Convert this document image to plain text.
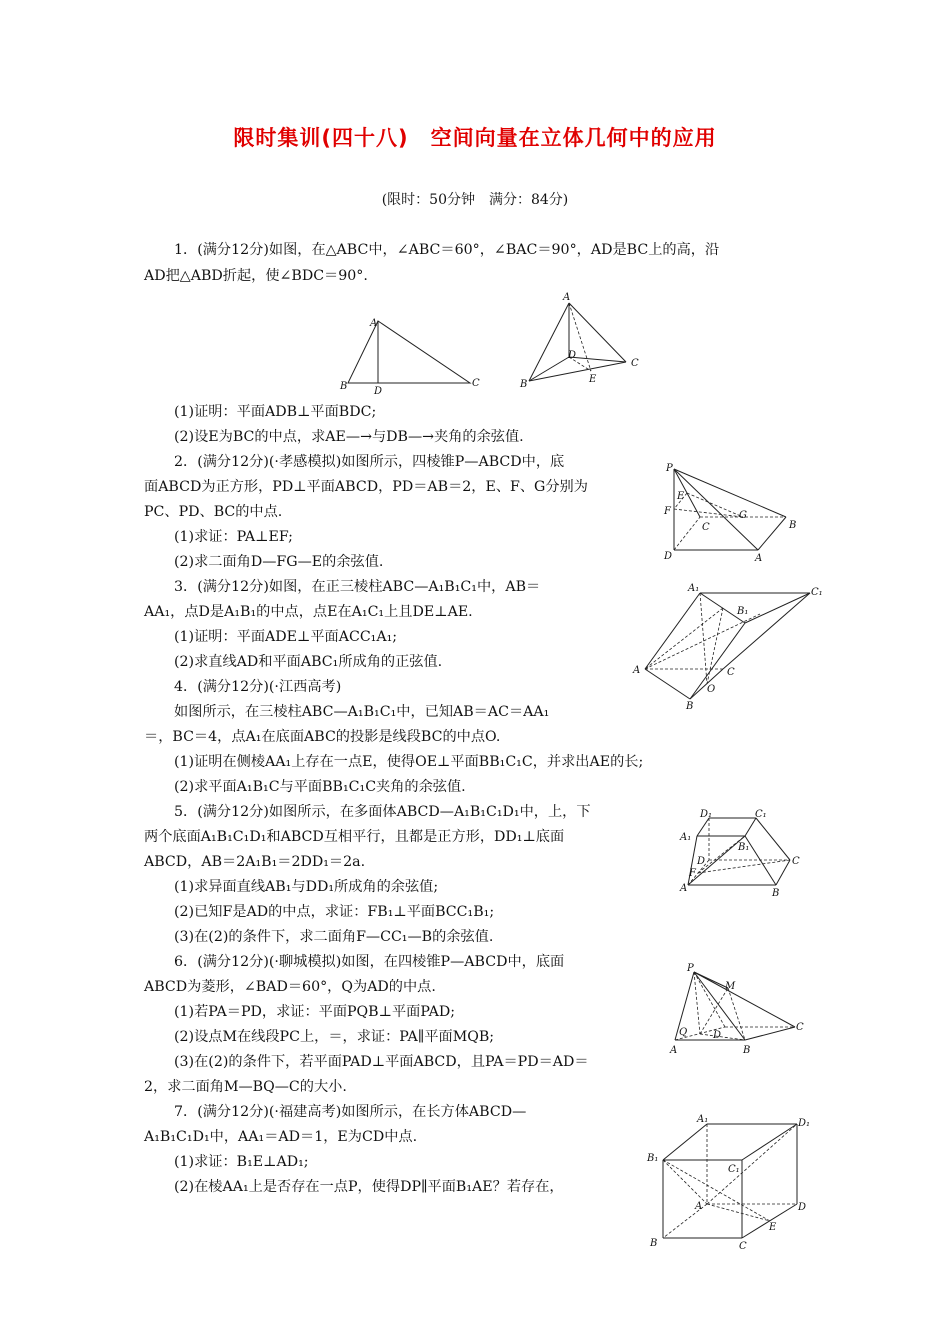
限时集训(四十八)　空间向量在立体几何中的应用
(限时：50分钟　满分：84分)
1．(满分12分)如图，在△ABC中，∠ABC＝60°，∠BAC＝90°，AD是BC上的高，沿
AD把△ABD折起，使∠BDC＝90°.
(1)证明：平面ADB⊥平面BDC;
(2)设E为BC的中点，求AE—→与DB—→夹角的余弦值.
2．(满分12分)(·孝感模拟)如图所示，四棱锥P—ABCD中，底
面ABCD为正方形，PD⊥平面ABCD，PD＝AB＝2，E、F、G分别为
PC、PD、BC的中点.
(1)求证：PA⊥EF;
(2)求二面角D—FG—E的余弦值.
3．(满分12分)如图，在正三棱柱ABC—A₁B₁C₁中，AB＝
AA₁，点D是A₁B₁的中点，点E在A₁C₁上且DE⊥AE.
(1)证明：平面ADE⊥平面ACC₁A₁;
(2)求直线AD和平面ABC₁所成角的正弦值.
4．(满分12分)(·江西高考)
如图所示，在三棱柱ABC—A₁B₁C₁中，已知AB＝AC＝AA₁
＝，BC＝4，点A₁在底面ABC的投影是线段BC的中点O.
(1)证明在侧棱AA₁上存在一点E，使得OE⊥平面BB₁C₁C，并求出AE的长;
(2)求平面A₁B₁C与平面BB₁C₁C夹角的余弦值.
5．(满分12分)如图所示，在多面体ABCD—A₁B₁C₁D₁中，上，下
两个底面A₁B₁C₁D₁和ABCD互相平行，且都是正方形，DD₁⊥底面
ABCD，AB＝2A₁B₁＝2DD₁＝2a.
(1)求异面直线AB₁与DD₁所成角的余弦值;
(2)已知F是AD的中点，求证：FB₁⊥平面BCC₁B₁;
(3)在(2)的条件下，求二面角F—CC₁—B的余弦值.
6．(满分12分)(·聊城模拟)如图，在四棱锥P—ABCD中，底面
ABCD为菱形，∠BAD＝60°，Q为AD的中点.
(1)若PA＝PD，求证：平面PQB⊥平面PAD;
(2)设点M在线段PC上，＝，求证：PA∥平面MQB;
(3)在(2)的条件下，若平面PAD⊥平面ABCD，且PA＝PD＝AD＝
2，求二面角M—BQ—C的大小.
7．(满分12分)(·福建高考)如图所示，在长方体ABCD—
A₁B₁C₁D₁中，AA₁＝AD＝1，E为CD中点.
(1)求证：B₁E⊥AD₁;
(2)在棱AA₁上是否存在一点P，使得DP∥平面B₁AE？若存在，
A
B	D
C
A
D
C
B	E
P
E
F
C
G
B
D	A
A₁	C₁
B₁
A	C
O
B
D₁	C₁
A₁
B₁
D
F
C
A	B
P
M
Q	D
C
A	B
A₁	D₁
B₁
C₁
A	D
B	C
E
